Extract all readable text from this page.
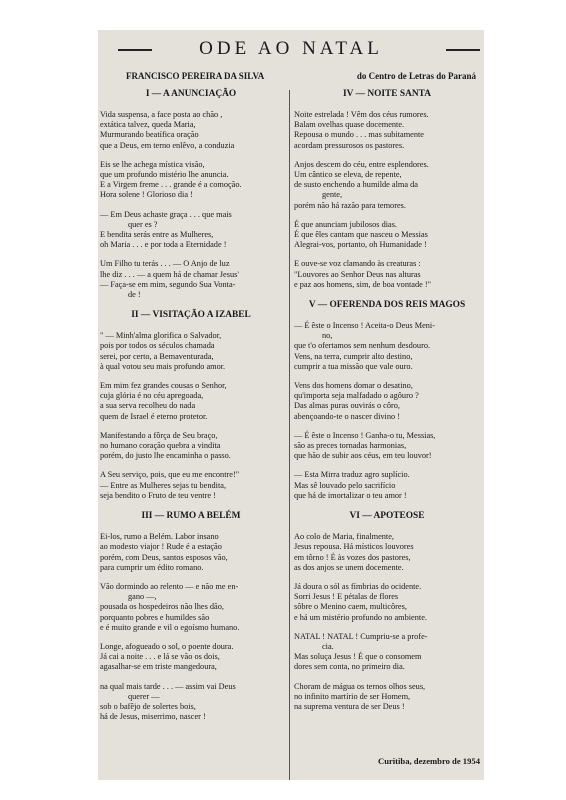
ODE AO NATAL
FRANCISCO PEREIRA DA SILVA	do Centro de Letras do Paraná
I — A ANUNCIAÇÃO
Vida suspensa, a face posta ao chão ,
extática talvez, queda Maria,
Murmurando beatífica oração
que a Deus, em terno enlêvo, a conduzia
Eis se lhe achega mística visão,
que um profundo mistério lhe anuncia.
E a Virgem freme . . . grande é a comoção.
Hora solene ! Glorioso dia !
— Em Deus achaste graça . . . que mais
quer es ?
E bendita serás entre as Mulheres,
oh Maria . . . e por toda a Eternidade !
Um Filho tu terás . . . — O Anjo de luz
lhe diz . . . — a quem há de chamar Jesus'
— Faça-se em mim, segundo Sua Vonta-
de !
II — VISITAÇÃO A IZABEL
" — Minh'alma glorifica o Salvador,
pois por todos os séculos chamada
serei, por certo, a Bemaventurada,
à qual votou seu mais profundo amor.
Em mim fez grandes cousas o Senhor,
cuja glória é no céu apregoada,
a sua serva recolheu do nada
quem de Israel é eterno protetor.
Manifestando a fôrça de Seu braço,
no humano coração quebra a vindita
porém, do justo lhe encaminha o passo.
A Seu serviço, pois, que eu me encontre!"
— Entre as Mulheres sejas tu bendita,
seja bendito o Fruto de teu ventre !
III — RUMO A BELÉM
Ei-los, rumo a Belém. Labor insano
ao modesto viajor ! Rude é a estação
porém, com Deus, santos esposos vão,
para cumprir um édito romano.
Vão dormindo ao relento — e não me en-
gano —,
pousada os hospedeiros não lhes dão,
porquanto pobres e humildes são
e é muito grande e vil o egoísmo humano.
Longe, afogueado o sol, o poente doura.
Já cai a noite . . . e lá se vão os dois,
agasalhar-se em triste mangedoura,
na qual mais tarde . . . — assim vai Deus
querer —
sob o bafêjo de solertes bois,
há de Jesus, miserrimo, nascer !
IV — NOITE SANTA
Noite estrelada ! Vêm dos céus rumores.
Balam ovelhas quase docemente.
Repousa o mundo . . . mas subitamente
acordam pressurosos os pastores.
Anjos descem do céu, entre esplendores.
Um cântico se eleva, de repente,
de susto enchendo a humilde alma da
gente,
porém não há razão para temores.
É que anunciam jubilosos dias.
É que êles cantam que nasceu o Messias
Alegrai-vos, portanto, oh Humanidade !
E ouve-se voz clamando às creaturas :
"Louvores ao Senhor Deus nas alturas
e paz aos homens, sim, de boa vontade !"
V — OFERENDA DOS REIS MAGOS
— É êste o Incenso ! Aceita-o Deus Meni-
no,
que t'o ofertamos sem nenhum desdouro.
Vens, na terra, cumprir alto destino,
cumprir a tua missão que vale ouro.
Vens dos homens domar o desatino,
qu'importa seja malfadado o agôuro ?
Das almas puras ouvirás o côro,
abençoando-te o nascer divino !
— É êste o Incenso ! Ganha-o tu, Messias,
são as preces tornadas harmonias,
que hão de subir aos céus, em teu louvor!
— Esta Mirra traduz agro suplício.
Mas sê louvado pelo sacrifício
que há de imortalizar o teu amor !
VI — APOTEOSE
Ao colo de Maria, finalmente,
Jesus repousa. Há místicos louvores
em tôrno ! É às vozes dos pastores,
as dos anjos se unem docemente.
Já doura o sól as fímbrias do ocidente.
Sorri Jesus ! E pétalas de flores
sôbre o Menino caem, multicôres,
e há um mistério profundo no ambiente.
NATAL ! NATAL ! Cumpriu-se a profe-
cia.
Mas soluça Jesus ! É que o consomem
dores sem conta, no primeiro dia.
Choram de mágua os ternos olhos seus,
no infinito martírio de ser Homem,
na suprema ventura de ser Deus !
Curitiba, dezembro de 1954
